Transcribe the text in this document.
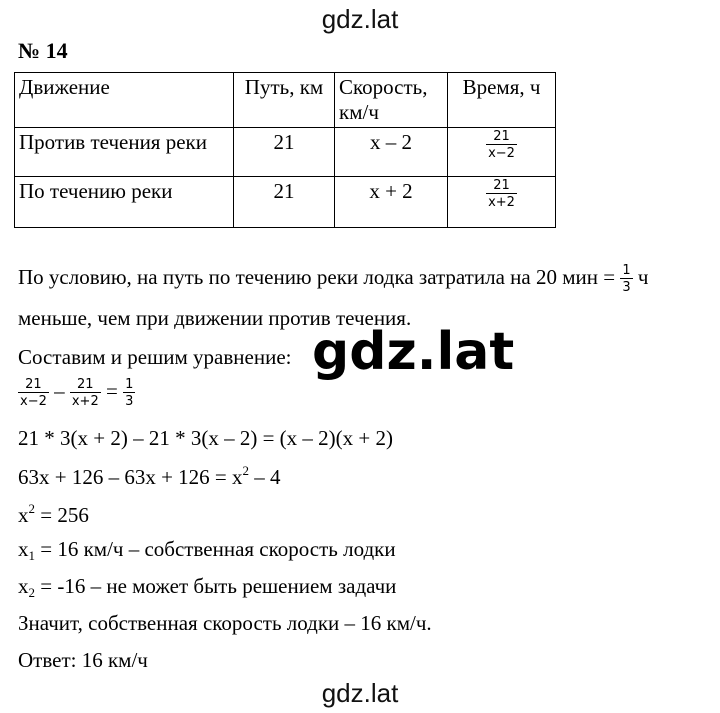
gdz.lat
№ 14
Движение	Путь, км	Скорость, км/ч	Время, ч
Против течения реки	21	x – 2	$\frac{21}{x-2}$

По течению реки	21	x + 2	$\frac{21}{x+2}$
По условию, на путь по течению реки лодка затратила на 20 мин = $\frac{1}{3}$ ч
меньше, чем при движении против течения.
Составим и решим уравнение:
$\frac{21}{x-2} - \frac{21}{x+2} = \frac{1}{3}$
21 * 3(x + 2) – 21 * 3(x – 2) = (x – 2)(x + 2)
$63x + 126 - 63x + 126 = x^2 - 4$
$x^2 = 256$
$x_1 = 16$ км/ч – собственная скорость лодки
$x_2 = -16$ – не может быть решением задачи
Значит, собственная скорость лодки – 16 км/ч.
Ответ: 16 км/ч
gdz.lat
gdz.lat
